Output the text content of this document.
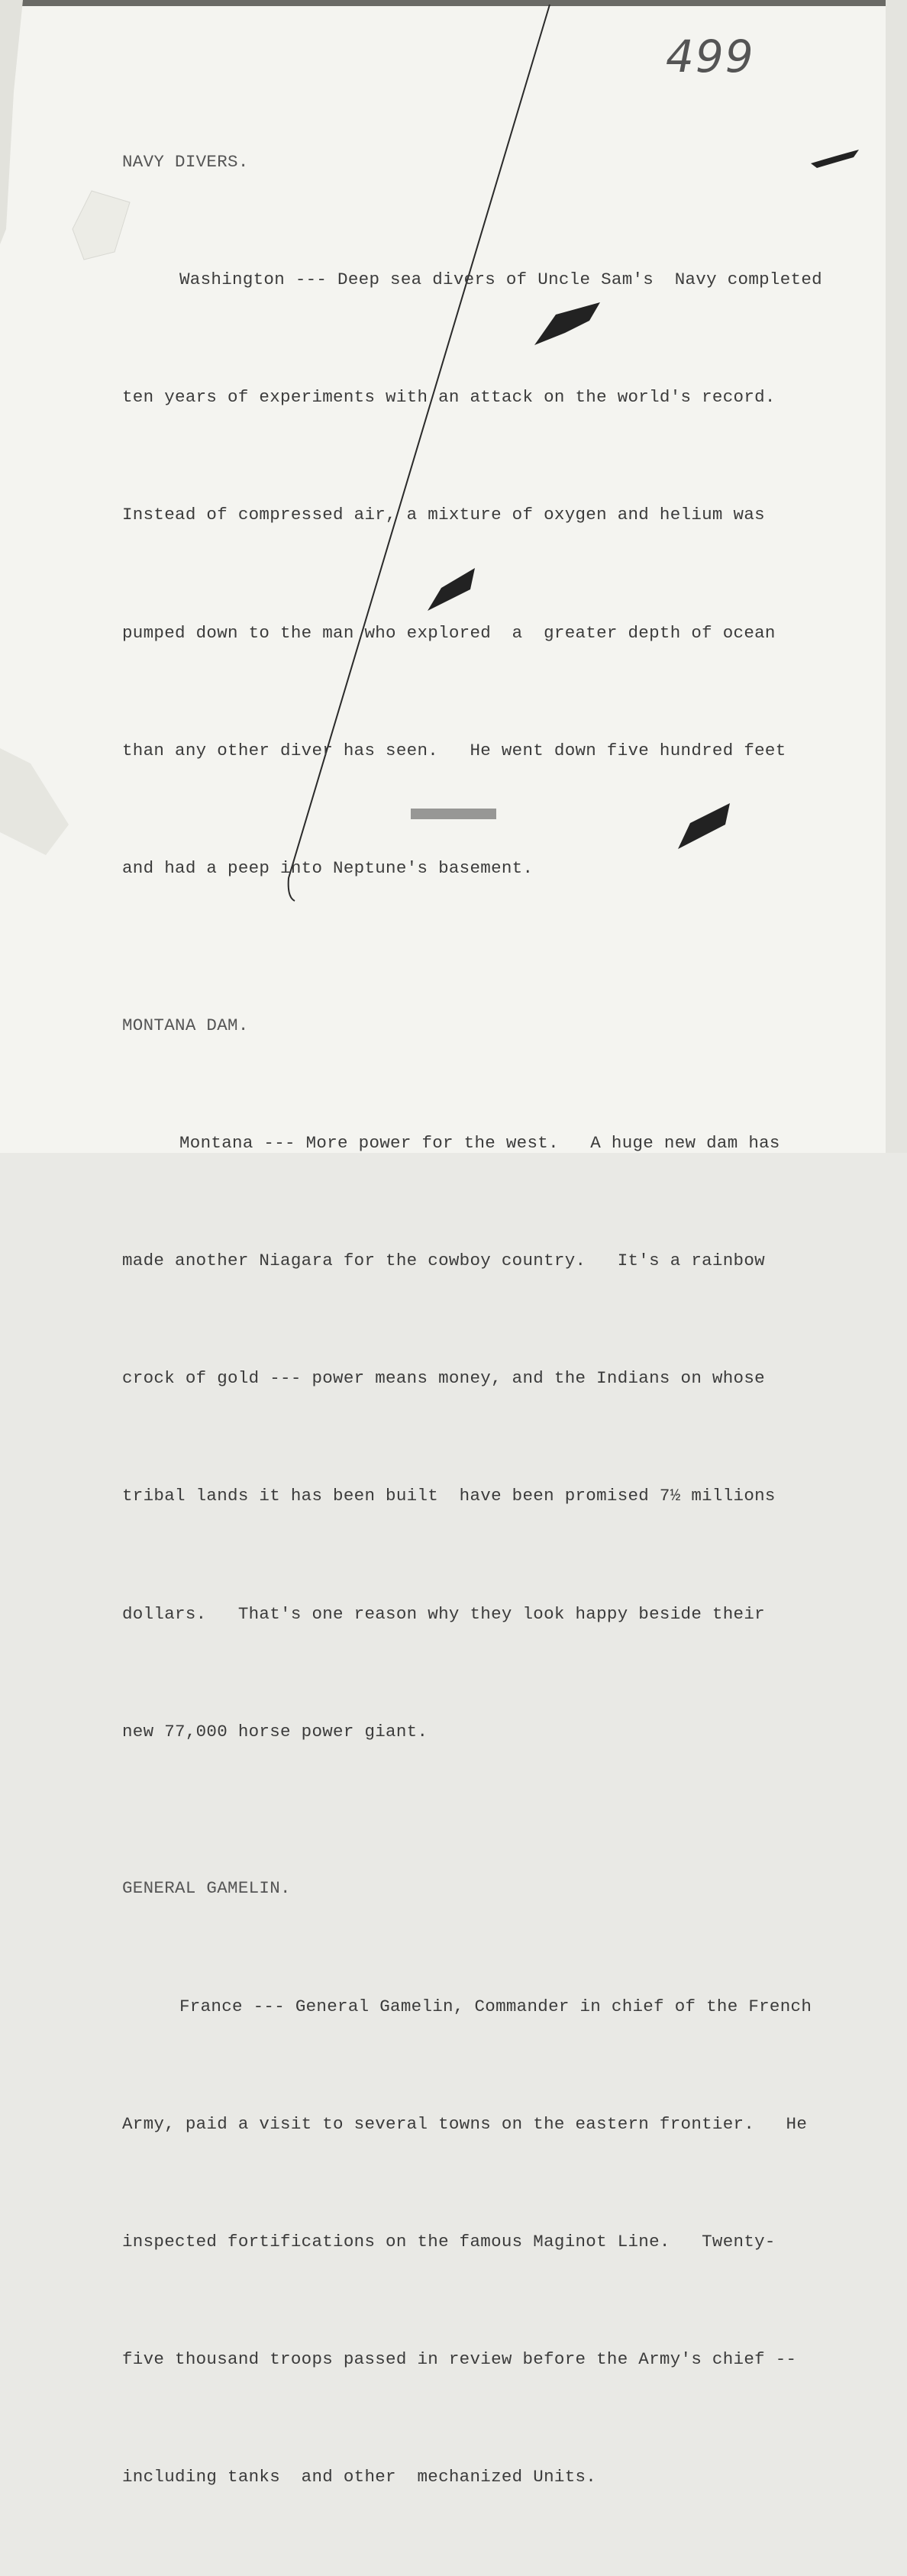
499

NAVY DIVERS.

Washington --- Deep sea divers of Uncle Sam's  Navy completed

ten years of experiments with an attack on the world's record.

Instead of compressed air, a mixture of oxygen and helium was

pumped down to the man who explored  a  greater depth of ocean

than any other diver has seen.   He went down five hundred feet

and had a peep into Neptune's basement.

MONTANA DAM.

Montana --- More power for the west.   A huge new dam has

made another Niagara for the cowboy country.   It's a rainbow

crock of gold --- power means money, and the Indians on whose

tribal lands it has been built  have been promised 7½ millions

dollars.   That's one reason why they look happy beside their

new 77,000 horse power giant.

GENERAL GAMELIN.

France --- General Gamelin, Commander in chief of the French

Army, paid a visit to several towns on the eastern frontier.   He

inspected fortifications on the famous Maginot Line.   Twenty-

five thousand troops passed in review before the Army's chief --

including tanks  and other  mechanized Units.
